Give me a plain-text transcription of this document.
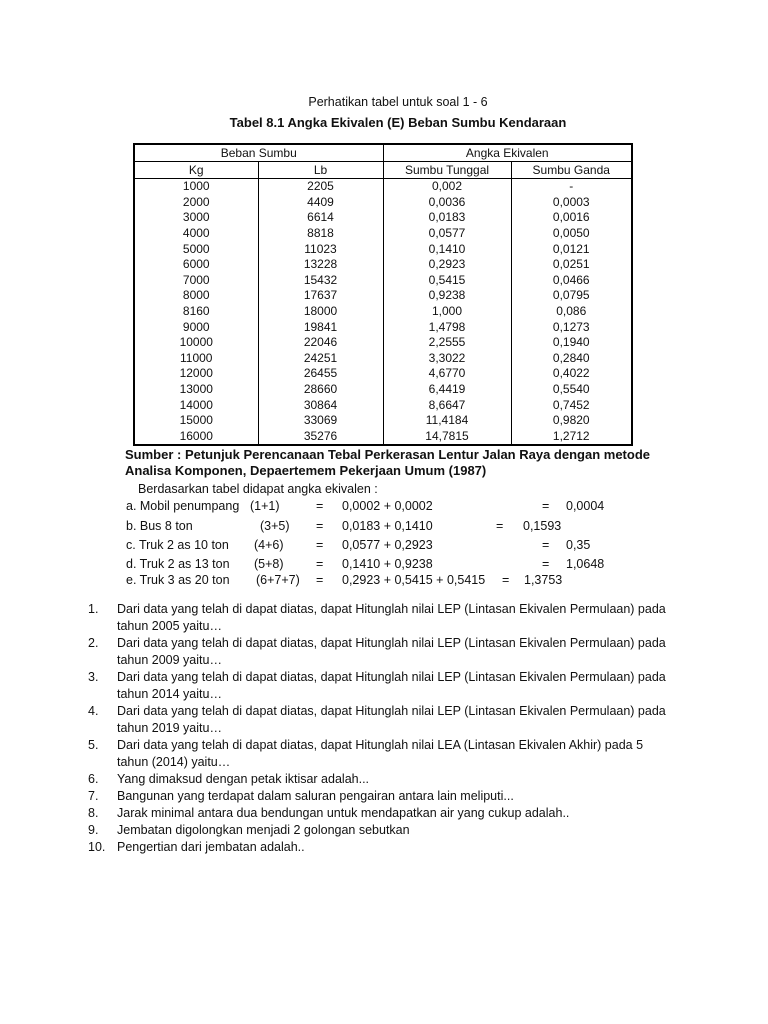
Perhatikan tabel untuk soal 1 - 6
Tabel 8.1 Angka Ekivalen (E) Beban Sumbu Kendaraan
Beban Sumbu		Angka Ekivalen	
Kg	Lb	Sumbu Tunggal	Sumbu Ganda
1000	2205	0,002	-
2000	4409	0,0036	0,0003
3000	6614	0,0183	0,0016
4000	8818	0,0577	0,0050
5000	11023	0,1410	0,0121
6000	13228	0,2923	0,0251
7000	15432	0,5415	0,0466
8000	17637	0,9238	0,0795
8160	18000	1,000	0,086
9000	19841	1,4798	0,1273
10000	22046	2,2555	0,1940
11000	24251	3,3022	0,2840
12000	26455	4,6770	0,4022
13000	28660	6,4419	0,5540
14000	30864	8,6647	0,7452
15000	33069	11,4184	0,9820
16000	35276	14,7815	1,2712
Sumber : Petunjuk Perencanaan Tebal Perkerasan Lentur Jalan Raya dengan metode
Analisa Komponen, Depaertemem Pekerjaan Umum (1987)
Berdasarkan tabel didapat angka ekivalen :
a. Mobil penumpang (1+1)	= 0,0002 + 0,0002	= 0,0004
b. Bus 8 ton	(3+5) = 0,0183 + 0,1410	= 0,1593
c. Truk 2 as 10 ton (4+6)	= 0,0577 + 0,2923	= 0,35
d. Truk 2 as 13 ton (5+8)	= 0,1410 + 0,9238	= 1,0648
e. Truk 3 as 20 ton (6+7+7) = 0,2923 + 0,5415 + 0,5415 = 1,3753
1. Dari data yang telah di dapat diatas, dapat Hitunglah nilai LEP (Lintasan Ekivalen Permulaan) pada tahun 2005 yaitu…
2. Dari data yang telah di dapat diatas, dapat Hitunglah nilai LEP (Lintasan Ekivalen Permulaan) pada tahun 2009 yaitu…
3. Dari data yang telah di dapat diatas, dapat Hitunglah nilai LEP (Lintasan Ekivalen Permulaan) pada tahun 2014 yaitu…
4. Dari data yang telah di dapat diatas, dapat Hitunglah nilai LEP (Lintasan Ekivalen Permulaan) pada tahun 2019 yaitu…
5. Dari data yang telah di dapat diatas, dapat Hitunglah nilai LEA (Lintasan Ekivalen Akhir) pada 5 tahun (2014) yaitu…
6. Yang dimaksud dengan petak iktisar adalah...
7. Bangunan yang terdapat dalam saluran pengairan antara lain meliputi...
8. Jarak minimal antara dua bendungan untuk mendapatkan air yang cukup adalah..
9. Jembatan digolongkan menjadi 2 golongan sebutkan
10. Pengertian dari jembatan adalah..
